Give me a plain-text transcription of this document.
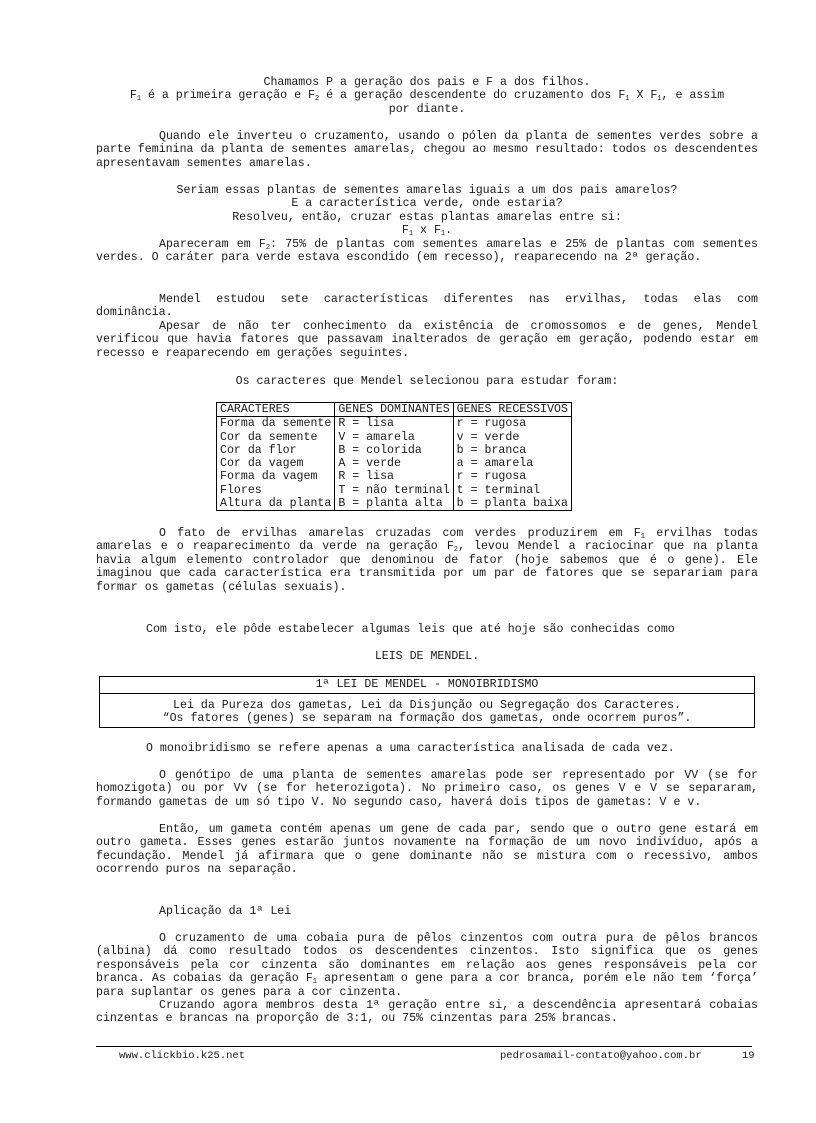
Chamamos P a geração dos pais e F a dos filhos.

$F_1$ é a primeira geração e $F_2$ é a geração descendente do cruzamento dos $F_1$ X $F_1$, e assim

por diante.

Quando ele inverteu o cruzamento, usando o pólen da planta de sementes verdes sobre a parte feminina da planta de sementes amarelas, chegou ao mesmo resultado: todos os descendentes apresentavam sementes amarelas.

Seriam essas plantas de sementes amarelas iguais a um dos pais amarelos?

E a característica verde, onde estaria?

Resolveu, então, cruzar estas plantas amarelas entre si:

$F_1$ x $F_1$.

Apareceram em $F_2$: 75% de plantas com sementes amarelas e 25% de plantas com sementes verdes. O caráter para verde estava escondido (em recesso), reaparecendo na 2ª geração.

Mendel estudou sete características diferentes nas ervilhas, todas elas com dominância.

Apesar de não ter conhecimento da existência de cromossomos e de genes, Mendel verificou que havia fatores que passavam inalterados de geração em geração, podendo estar em recesso e reaparecendo em gerações seguintes.

Os caracteres que Mendel selecionou para estudar foram:

CARACTERES	GENES DOMINANTES	GENES RECESSIVOS
Forma da semente	R = lisa	r = rugosa
Cor da semente	V = amarela	v = verde
Cor da flor	B = colorida	b = branca
Cor da vagem	A = verde	a = amarela
Forma da vagem	R = lisa	r = rugosa
Flores	T = não terminal	t = terminal
Altura da planta	B = planta alta	b = planta baixa

O fato de ervilhas amarelas cruzadas com verdes produzirem em $F_1$ ervilhas todas amarelas e o reaparecimento da verde na geração $F_2$, levou Mendel a raciocinar que na planta havia algum elemento controlador que denominou de fator (hoje sabemos que é o gene). Ele imaginou que cada característica era transmitida por um par de fatores que se separariam para formar os gametas (células sexuais).

Com isto, ele pôde estabelecer algumas leis que até hoje são conhecidas como

LEIS DE MENDEL.

1ª LEI DE MENDEL - MONOIBRIDISMO
Lei da Pureza dos gametas, Lei da Disjunção ou Segregação dos Caracteres.
“Os fatores (genes) se separam na formação dos gametas, onde ocorrem puros”.

O monoibridismo se refere apenas a uma característica analisada de cada vez.

O genótipo de uma planta de sementes amarelas pode ser representado por VV (se for homozigota) ou por Vv (se for heterozigota). No primeiro caso, os genes V e V se separaram, formando gametas de um só tipo V. No segundo caso, haverá dois tipos de gametas: V e v.

Então, um gameta contém apenas um gene de cada par, sendo que o outro gene estará em outro gameta. Esses genes estarão juntos novamente na formação de um novo indivíduo, após a fecundação. Mendel já afirmara que o gene dominante não se mistura com o recessivo, ambos ocorrendo puros na separação.

Aplicação da 1ª Lei

O cruzamento de uma cobaia pura de pêlos cinzentos com outra pura de pêlos brancos (albina) dá como resultado todos os descendentes cinzentos. Isto significa que os genes responsáveis pela cor cinzenta são dominantes em relação aos genes responsáveis pela cor branca. As cobaias da geração $F_1$ apresentam o gene para a cor branca, porém ele não tem ‘força’ para suplantar os genes para a cor cinzenta.

Cruzando agora membros desta 1ª geração entre si, a descendência apresentará cobaias cinzentas e brancas na proporção de 3:1, ou 75% cinzentas para 25% brancas.

www.clickbio.k25.net	pedrosamail-contato@yahoo.com.br	19
